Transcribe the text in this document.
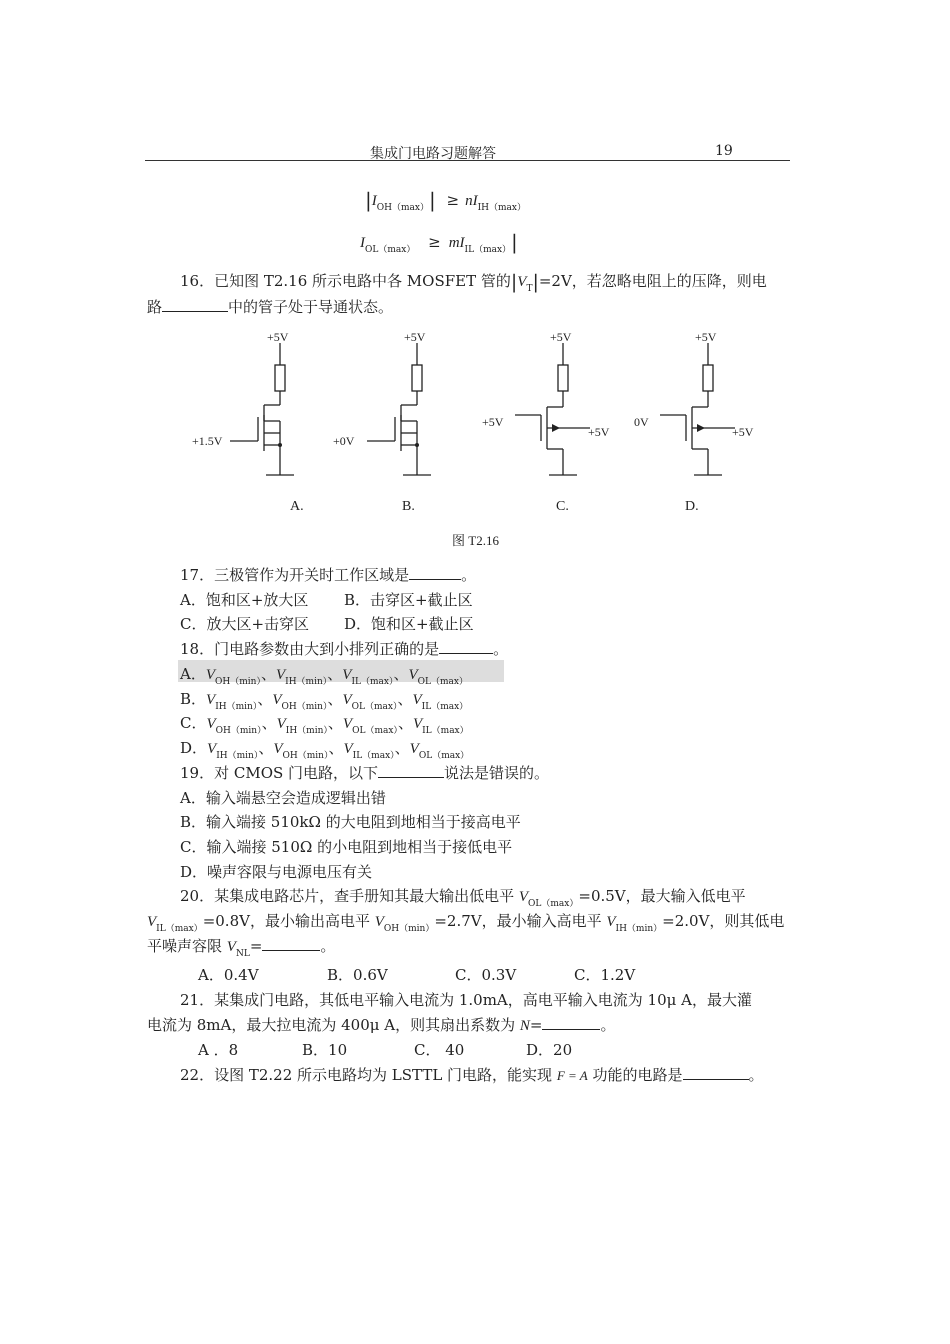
集成门电路习题解答	19
$|I_{OH(max)}| \ge nI_{IH(max)}$
$I_{OL(max)} \ge mI_{IL(max)}|$
16．已知图 T2.16 所示电路中各 MOSFET 管的$|V_T|=2V$，若忽略电阻上的压降，则电
路	中的管子处于导通状态。
+5V	+5V	+5V	+5V
+1.5V	+0V
+5V	0V
+5V	+5V
A.	B.	C.	D.
图 T2.16
17．三极管作为开关时工作区域是	。
A．饱和区+放大区 B．击穿区+截止区
C．放大区+击穿区 D．饱和区+截止区
18．门电路参数由大到小排列正确的是	。
A．$V_{OH(min)}$、$V_{IH(min)}$、$V_{IL(max)}$、$V_{OL(max)}$
B．$V_{IH(min)}$、$V_{OH(min)}$、$V_{OL(max)}$、$V_{IL(max)}$
C．$V_{OH(min)}$、$V_{IH(min)}$、$V_{OL(max)}$、$V_{IL(max)}$
D．$V_{IH(min)}$、$V_{OH(min)}$、$V_{IL(max)}$、$V_{OL(max)}$
19．对 CMOS 门电路，以下	说法是错误的。
A．输入端悬空会造成逻辑出错
B．输入端接 510kΩ 的大电阻到地相当于接高电平
C．输入端接 510Ω 的小电阻到地相当于接低电平
D．噪声容限与电源电压有关
20．某集成电路芯片，查手册知其最大输出低电平 $V_{OL(max)}=0.5V$，最大输入低电平
$V_{IL(max)}=0.8V$，最小输出高电平 $V_{OH(min)}=2.7V$，最小输入高电平 $V_{IH(min)}=2.0V$，则其低电
平噪声容限 $V_{NL}=$	。
A．0.4V	B．0.6V	C．0.3V	C．1.2V
21．某集成门电路，其低电平输入电流为 1.0mA，高电平输入电流为 10μ A，最大灌
电流为 8mA，最大拉电流为 400μ A，则其扇出系数为 N=	。
A ．8	B．10	C． 40	D．20
22．设图 T2.22 所示电路均为 LSTTL 门电路，能实现 F = A 功能的电路是	。
